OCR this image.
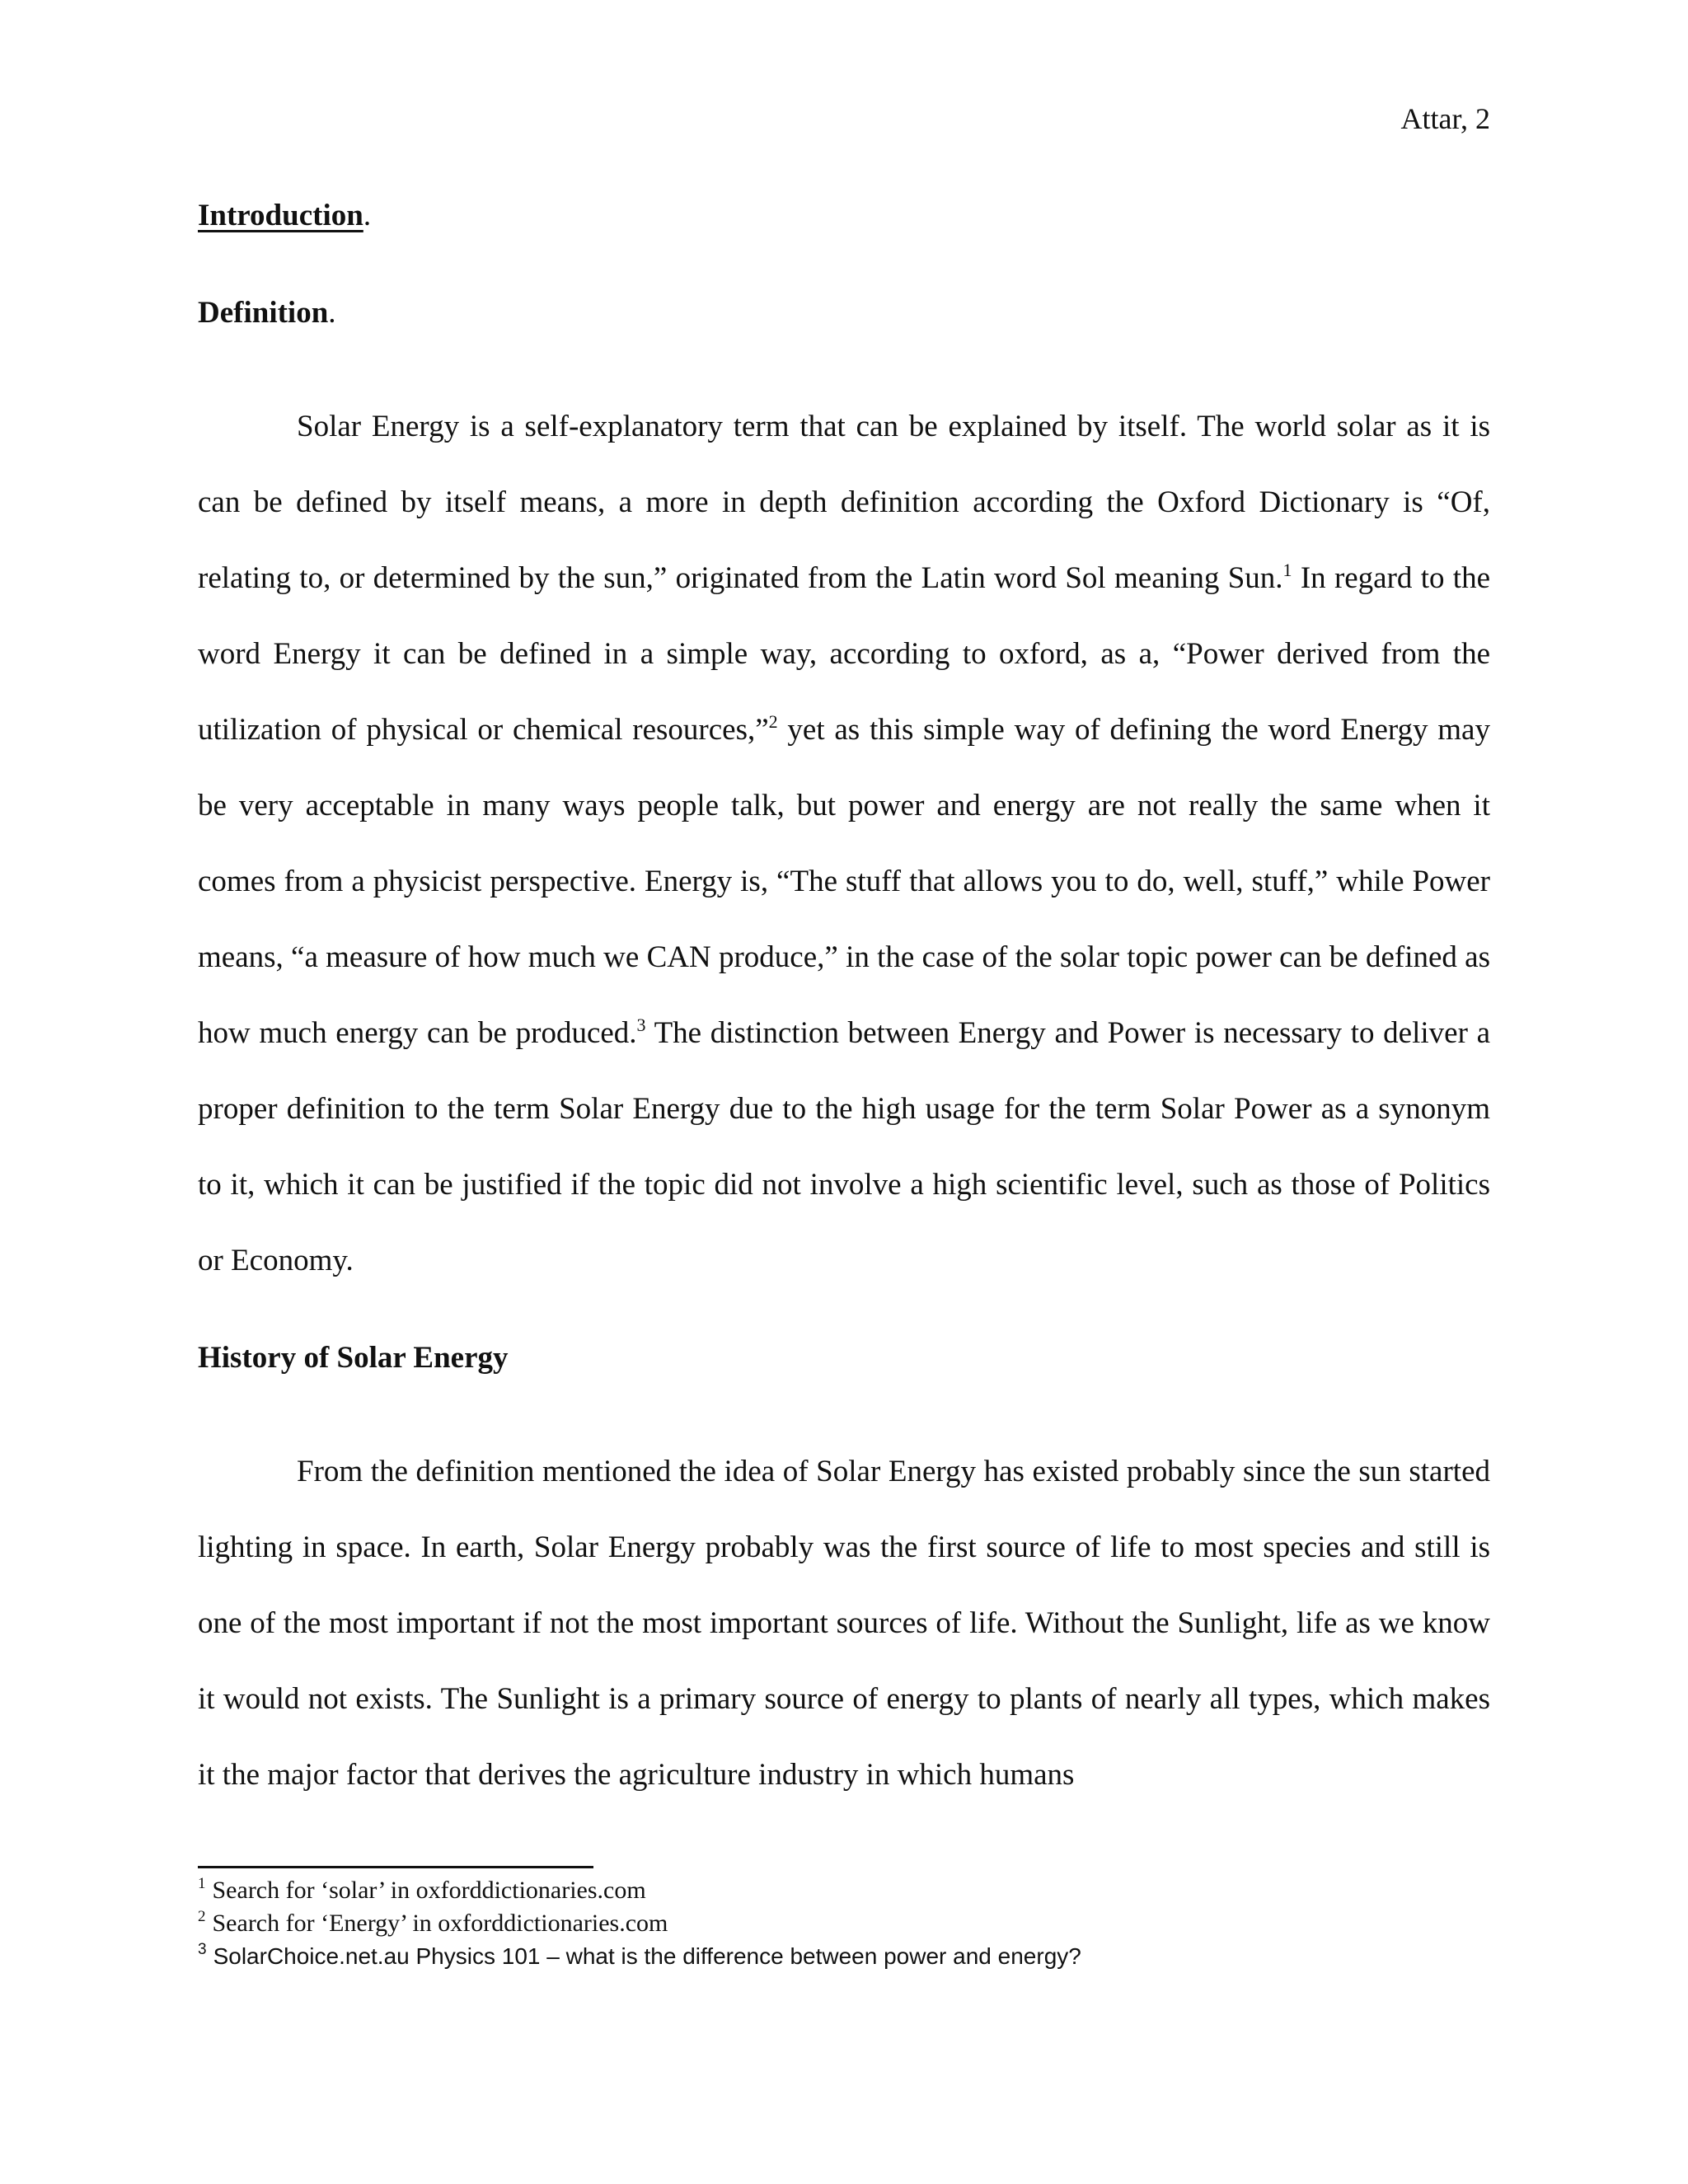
Attar, 2
Introduction.
Definition.

Solar Energy is a self-explanatory term that can be explained by itself. The world solar as it is can be defined by itself means, a more in depth definition according the Oxford Dictionary is “Of, relating to, or determined by the sun,” originated from the Latin word Sol meaning Sun.$^1$ In regard to the word Energy it can be defined in a simple way, according to oxford, as a, “Power derived from the utilization of physical or chemical resources,”$^2$ yet as this simple way of defining the word Energy may be very acceptable in many ways people talk, but power and energy are not really the same when it comes from a physicist perspective. Energy is, “The stuff that allows you to do, well, stuff,” while Power means, “a measure of how much we CAN produce,” in the case of the solar topic power can be defined as how much energy can be produced.$^3$ The distinction between Energy and Power is necessary to deliver a proper definition to the term Solar Energy due to the high usage for the term Solar Power as a synonym to it, which it can be justified if the topic did not involve a high scientific level, such as those of Politics or Economy.

History of Solar Energy

From the definition mentioned the idea of Solar Energy has existed probably since the sun started lighting in space. In earth, Solar Energy probably was the first source of life to most species and still is one of the most important if not the most important sources of life. Without the Sunlight, life as we know it would not exists. The Sunlight is a primary source of energy to plants of nearly all types, which makes it the major factor that derives the agriculture industry in which humans

$^1$ Search for ‘solar’ in oxforddictionaries.com
$^2$ Search for ‘Energy’ in oxforddictionaries.com
$^3$ SolarChoice.net.au Physics 101 – what is the difference between power and energy?
